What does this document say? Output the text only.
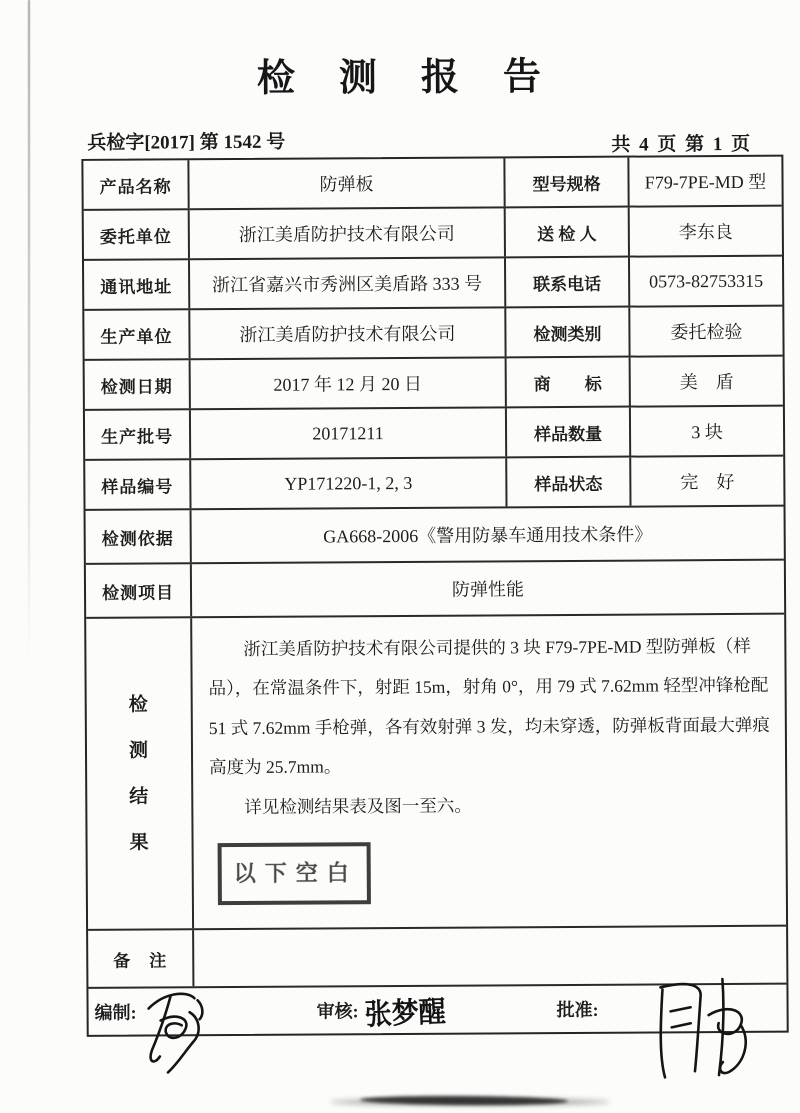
检测报告
兵检字[2017] 第 1542 号	共 4 页 第 1 页
产品名称	防弹板	型号规格	F79-7PE-MD 型
委托单位	浙江美盾防护技术有限公司	送 检 人	李东良
通讯地址	浙江省嘉兴市秀洲区美盾路 333 号	联系电话	0573-82753315
生产单位	浙江美盾防护技术有限公司	检测类别	委托检验
检测日期	2017 年 12 月 20 日	商　　标	美　盾
生产批号	20171211	样品数量	3 块
样品编号	YP171220-1, 2, 3	样品状态	完　好
检测依据	GA668-2006《警用防暴车通用技术条件》
检测项目	防弹性能
检
测
结
果

浙江美盾防护技术有限公司提供的 3 块 F79-7PE-MD 型防弹板（样品），在常温条件下，射距 15m，射角 0°，用 79 式 7.62mm 轻型冲锋枪配 51 式 7.62mm 手枪弹，各有效射弹 3 发，均未穿透，防弹板背面最大弹痕高度为 25.7mm。

详见检测结果表及图一至六。

以下空白
备　注
编制:	审核: 张梦醒	批准:
